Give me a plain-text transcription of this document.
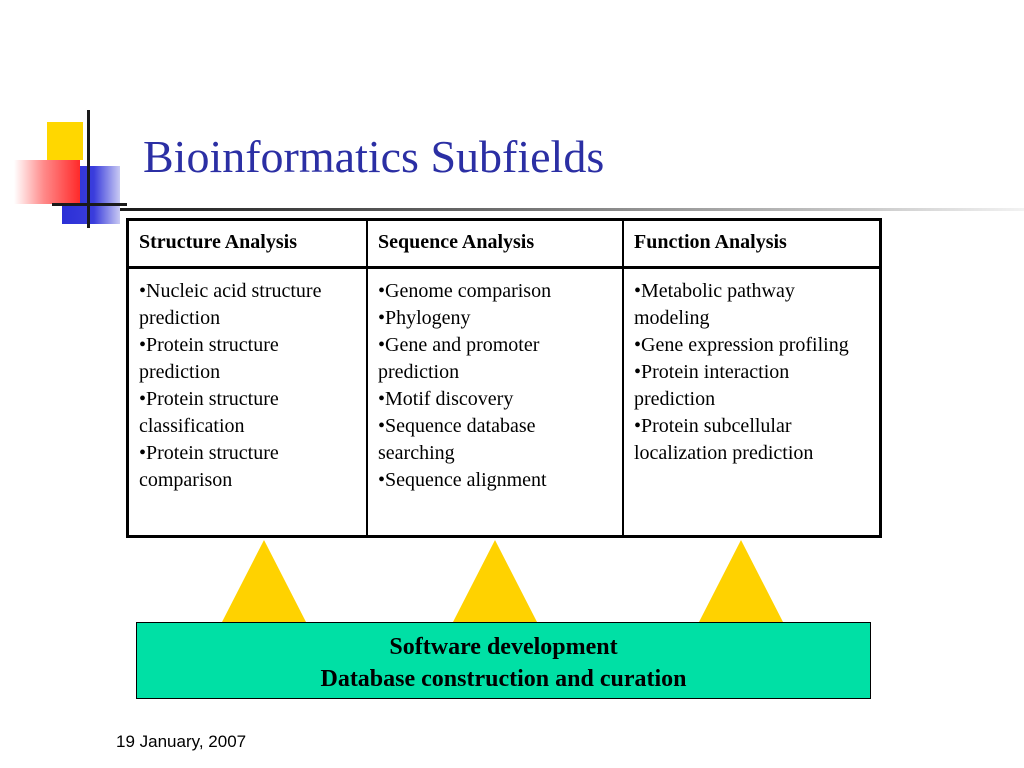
Bioinformatics Subfields
Structure Analysis	Sequence Analysis	Function Analysis
•Nucleic acid structure prediction
•Protein structure prediction
•Protein structure classification
•Protein structure comparison
•Genome comparison
•Phylogeny
•Gene and promoter prediction
•Motif discovery
•Sequence database searching
•Sequence alignment
•Metabolic pathway modeling
•Gene expression profiling
•Protein interaction prediction
•Protein subcellular localization prediction
Software development
Database construction and curation
19 January, 2007
